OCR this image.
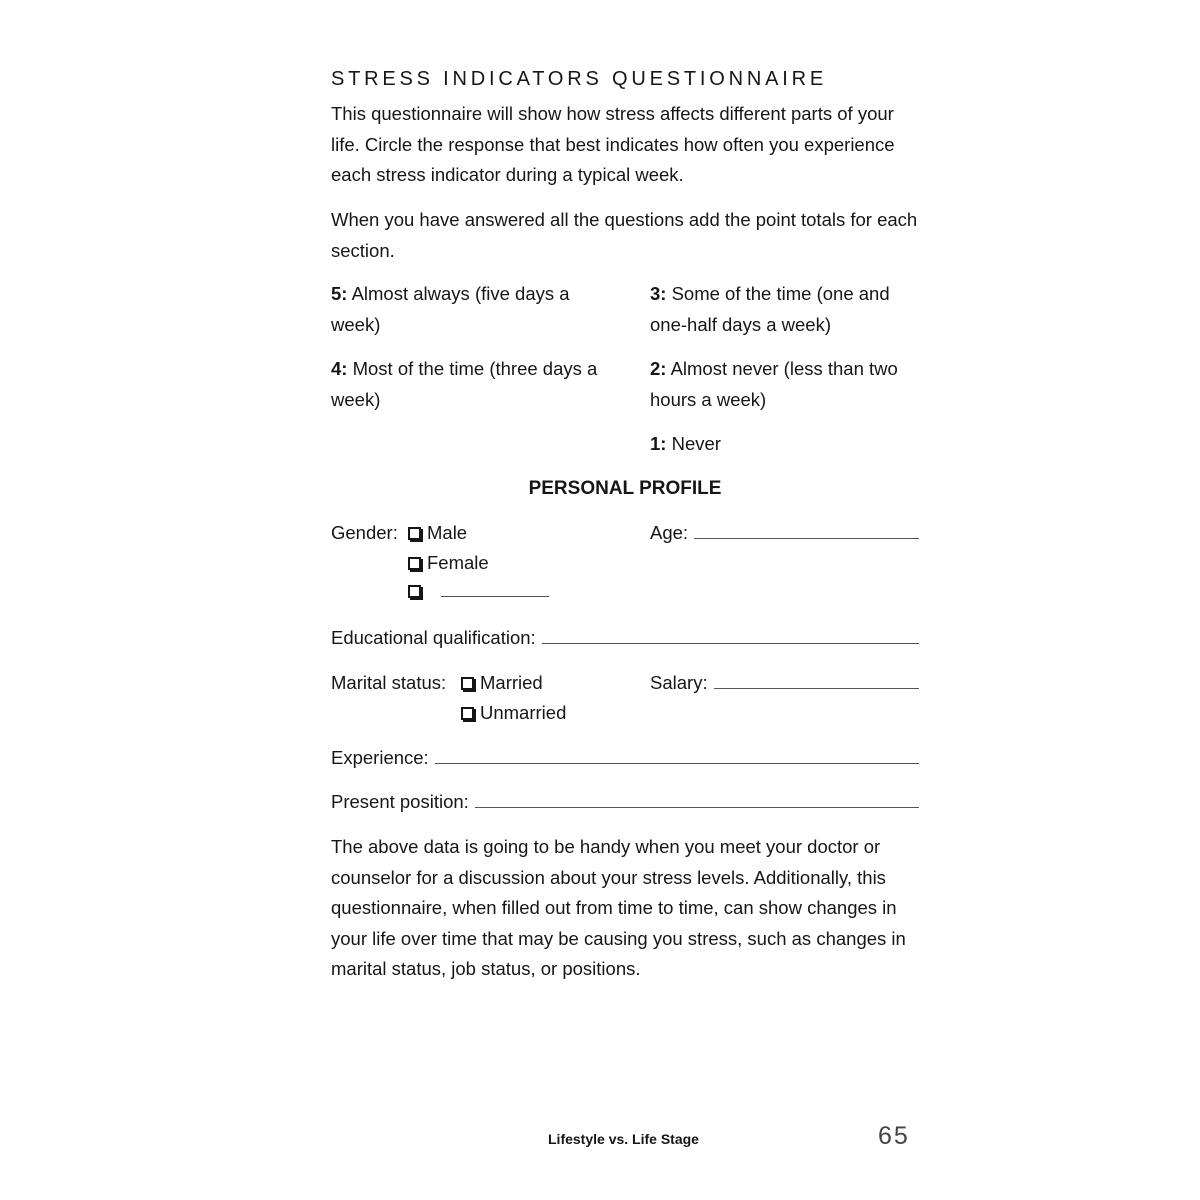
STRESS INDICATORS QUESTIONNAIRE

This questionnaire will show how stress affects different parts of your life. Circle the response that best indicates how often you experience each stress indicator during a typical week.

When you have answered all the questions add the point totals for each section.

5: Almost always (five days a week)

4: Most of the time (three days a week)

3: Some of the time (one and one-half days a week)

2: Almost never (less than two hours a week)

1: Never

PERSONAL PROFILE
Gender:	Male
Female
Age:
Educational qualification:
Marital status:	Married
Unmarried
Salary:
Experience:
Present position:

The above data is going to be handy when you meet your doctor or counselor for a discussion about your stress levels. Additionally, this questionnaire, when filled out from time to time, can show changes in your life over time that may be causing you stress, such as changes in marital status, job status, or positions.

Lifestyle vs. Life Stage	65
